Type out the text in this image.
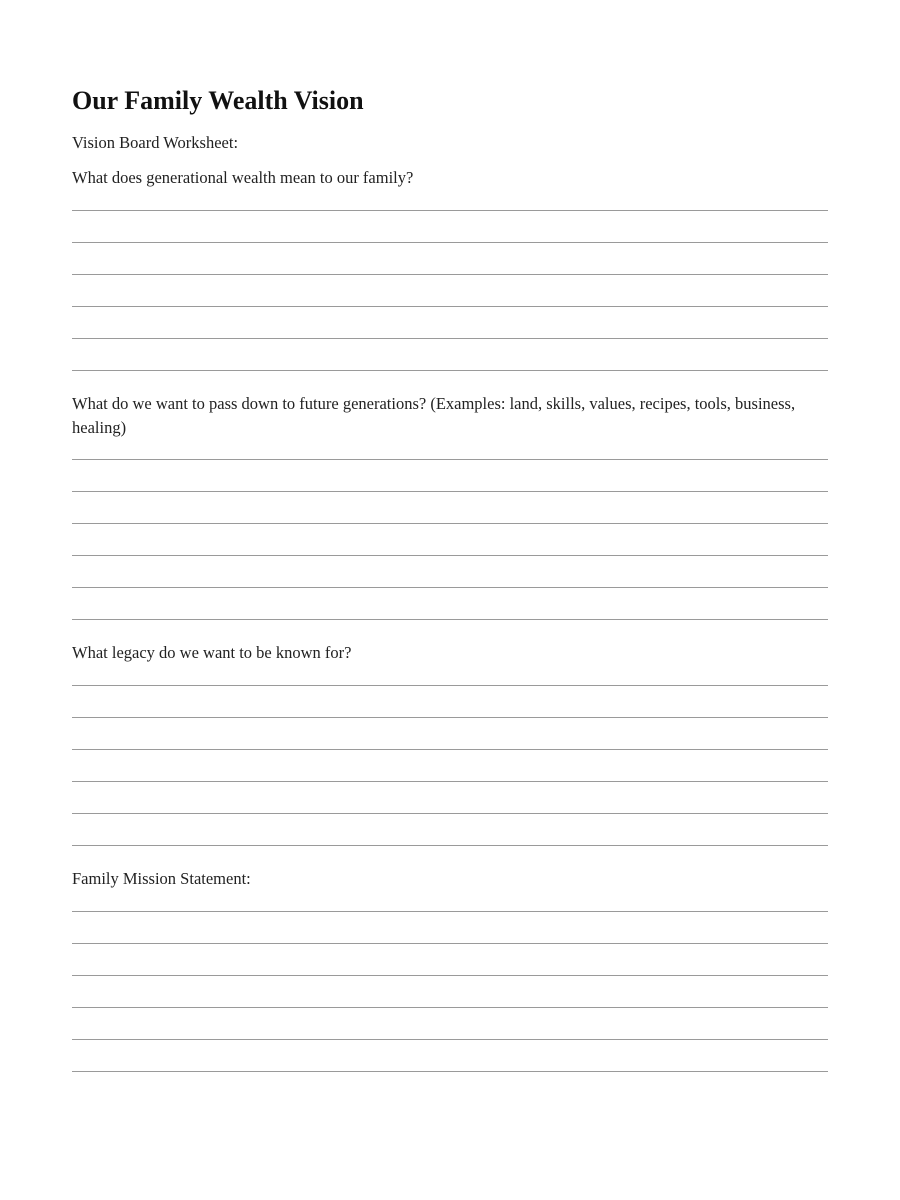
Our Family Wealth Vision

Vision Board Worksheet:

What does generational wealth mean to our family?

What do we want to pass down to future generations? (Examples: land, skills, values, recipes, tools, business, healing)

What legacy do we want to be known for?

Family Mission Statement:
